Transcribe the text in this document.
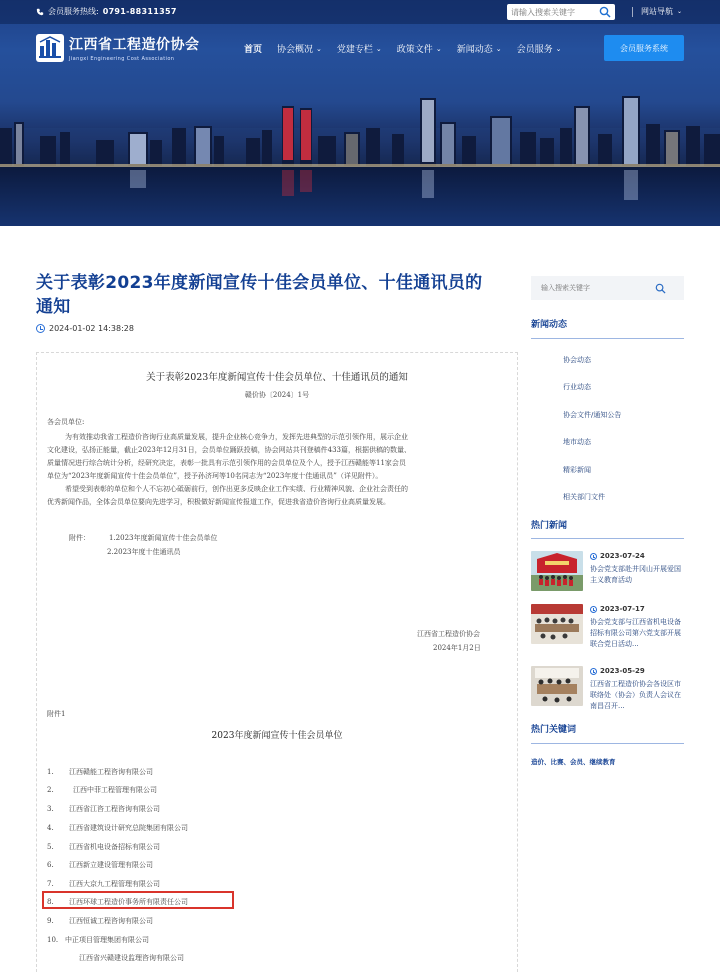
会员服务热线: 0791-88311357
请输入搜索关键字	网站导航 ⌄
江西省工程造价协会
Jiangxi Engineering Cost Association
首页 协会概况 ⌄ 党建专栏 ⌄ 政策文件 ⌄ 新闻动态 ⌄ 会员服务 ⌄	会员服务系统
关于表彰2023年度新闻宣传十佳会员单位、十佳通讯员的通知
2024-01-02 14:38:28
关于表彰2023年度新闻宣传十佳会员单位、十佳通讯员的通知
赣价协〔2024〕1号
各会员单位:

为有效推动我省工程造价咨询行业高质量发展，提升企业核心竞争力，发挥先进典型的示范引领作用，展示企业

文化建设，弘扬正能量，截止2023年12月31日，会员单位踊跃投稿，协会网站共刊登稿件433篇，根据供稿的数量、

质量情况进行综合统计分析，经研究决定，表彰一批具有示范引领作用的会员单位及个人，授予江西赣能等11家会员

单位为“2023年度新闻宣传十佳会员单位”，授予孙济珂等10名同志为“2023年度十佳通讯员”（详见附件）。

希望受到表彰的单位和个人不忘初心砥砺前行，创作出更多反映企业工作实绩、行业精神风貌、企业社会责任的

优秀新闻作品，全体会员单位要向先进学习，积极做好新闻宣传报道工作，促进我省造价咨询行业高质量发展。

附件：	1.2023年度新闻宣传十佳会员单位
2.2023年度十佳通讯员
江西省工程造价协会
2024年1月2日
附件1
2023年度新闻宣传十佳会员单位
1. 江西赣能工程咨询有限公司
2.	江西中菲工程管理有限公司
3. 江西省江咨工程咨询有限公司
4. 江西省建筑设计研究总院集团有限公司
5. 江西省机电设备招标有限公司
6. 江西新立建设管理有限公司
7. 江西大京九工程管理有限公司
8. 江西环球工程造价事务所有限责任公司
9. 江西恒诚工程咨询有限公司
10. 中正项目管理集团有限公司
江西省兴赣建设监理咨询有限公司
输入搜索关键字
新闻动态
协会动态
行业动态
协会文件/通知公告
地市动态
精彩新闻
相关部门文件
热门新闻
2023-07-24
协会党支部赴井冈山开展爱国主义教育活动
2023-07-17
协会党支部与江西省机电设备招标有限公司第六党支部开展联合党日活动...
2023-05-29
江西省工程造价协会各设区市联络处（协会）负责人会议在南昌召开...
热门关键词
造价、比赛、会员、继续教育
